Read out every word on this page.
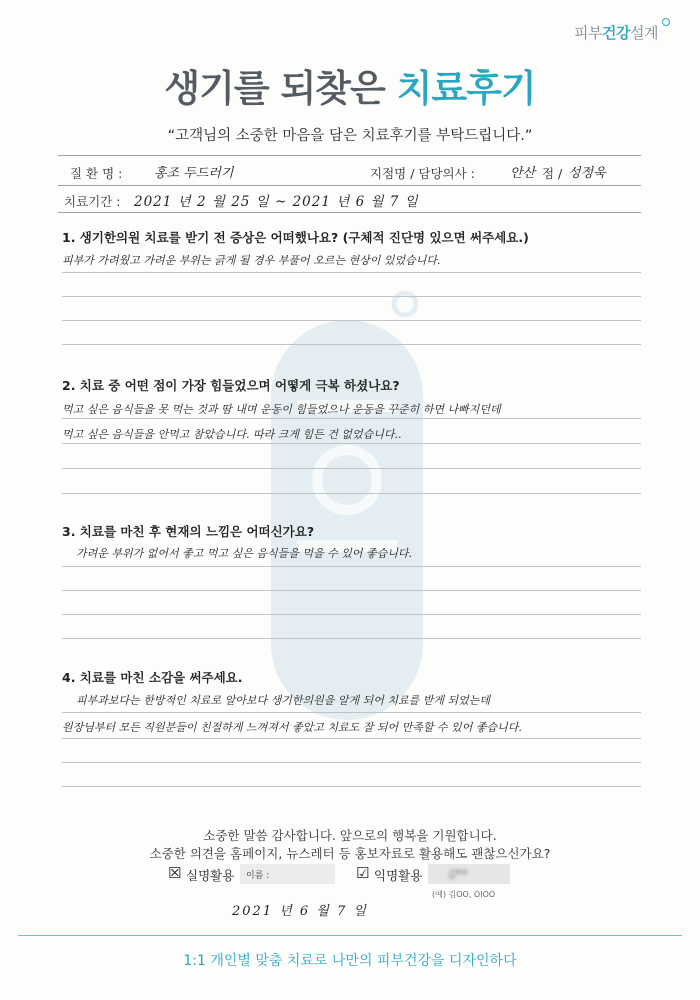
피부건강설계
생기를 되찾은 치료후기
“고객님의 소중한 마음을 담은 치료후기를 부탁드립니다.”
질 환 명 : 홍조 두드러기	지점명 / 담당의사 :	안산 점 / 성정욱
치료기간 : 2021 년 2 월 25 일 ~ 2021 년 6 월 7 일
1. 생기한의원 치료를 받기 전 증상은 어떠했나요? (구체적 진단명 있으면 써주세요.)
피부가 가려웠고 가려운 부위는 긁게 될 경우 부풀어 오르는 현상이 있었습니다.
2. 치료 중 어떤 점이 가장 힘들었으며 어떻게 극복 하셨나요?
먹고 싶은 음식들을 못 먹는 것과 땀 내며 운동이 힘들었으나 운동을 꾸준히 하면 나빠지던데
먹고 싶은 음식들을 안먹고 참았습니다. 따라 크게 힘든 건 없었습니다..
3. 치료를 마친 후 현재의 느낌은 어떠신가요?
가려운 부위가 없어서 좋고 먹고 싶은 음식들을 먹을 수 있어 좋습니다.
4. 치료를 마친 소감을 써주세요.
피부과보다는 한방적인 치료로 알아보다 생기한의원을 알게 되어 치료를 받게 되었는데
원장님부터 모든 직원분들이 친절하게 느껴져서 좋았고 치료도 잘 되어 만족할 수 있어 좋습니다.
소중한 말씀 감사합니다. 앞으로의 행복을 기원합니다.
소중한 의견을 홈페이지, 뉴스레터 등 홍보자료로 활용해도 괜찮으신가요?
☒ 실명활용 이름 :	☑ 익명활용 김**
(예) 김OO, OIOO
2021 년 6 월 7 일
1:1 개인별 맞춤 치료로 나만의 피부건강을 디자인하다
